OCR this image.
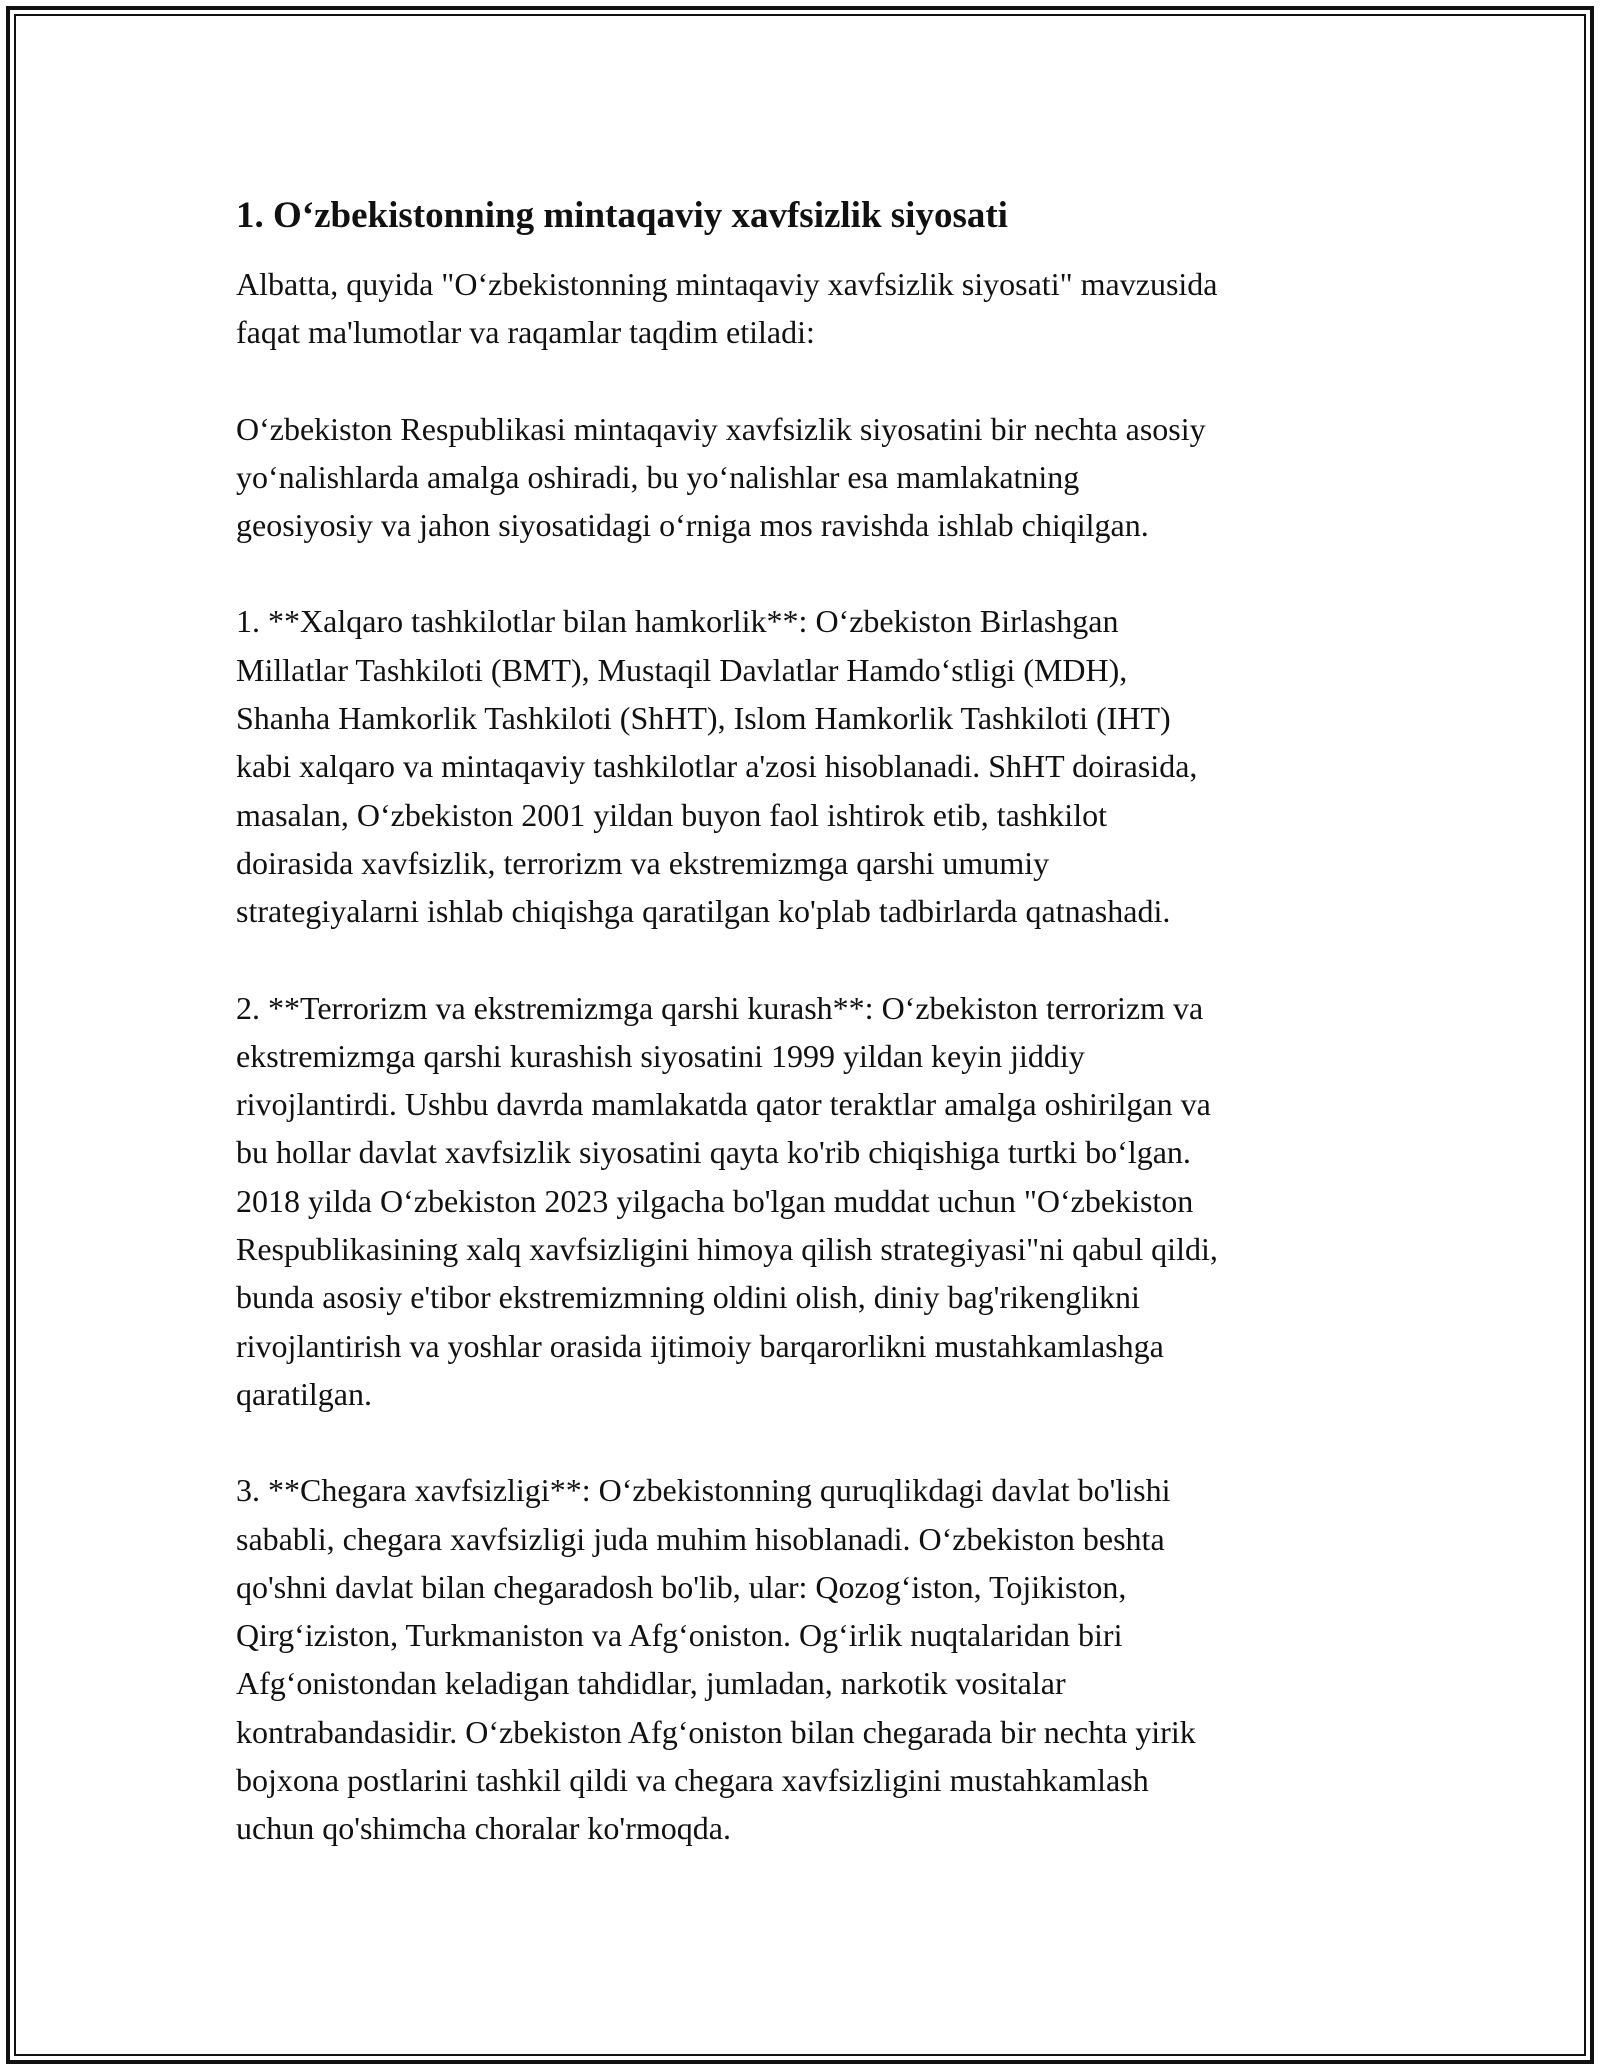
1. O‘zbekistonning mintaqaviy xavfsizlik siyosati

Albatta, quyida "O‘zbekistonning mintaqaviy xavfsizlik siyosati" mavzusida
faqat ma'lumotlar va raqamlar taqdim etiladi:

O‘zbekiston Respublikasi mintaqaviy xavfsizlik siyosatini bir nechta asosiy
yo‘nalishlarda amalga oshiradi, bu yo‘nalishlar esa mamlakatning
geosiyosiy va jahon siyosatidagi o‘rniga mos ravishda ishlab chiqilgan.

1. **Xalqaro tashkilotlar bilan hamkorlik**: O‘zbekiston Birlashgan
Millatlar Tashkiloti (BMT), Mustaqil Davlatlar Hamdo‘stligi (MDH),
Shanha Hamkorlik Tashkiloti (ShHT), Islom Hamkorlik Tashkiloti (IHT)
kabi xalqaro va mintaqaviy tashkilotlar a'zosi hisoblanadi. ShHT doirasida,
masalan, O‘zbekiston 2001 yildan buyon faol ishtirok etib, tashkilot
doirasida xavfsizlik, terrorizm va ekstremizmga qarshi umumiy
strategiyalarni ishlab chiqishga qaratilgan ko'plab tadbirlarda qatnashadi.

2. **Terrorizm va ekstremizmga qarshi kurash**: O‘zbekiston terrorizm va
ekstremizmga qarshi kurashish siyosatini 1999 yildan keyin jiddiy
rivojlantirdi. Ushbu davrda mamlakatda qator teraktlar amalga oshirilgan va
bu hollar davlat xavfsizlik siyosatini qayta ko'rib chiqishiga turtki bo‘lgan.
2018 yilda O‘zbekiston 2023 yilgacha bo'lgan muddat uchun "O‘zbekiston
Respublikasining xalq xavfsizligini himoya qilish strategiyasi"ni qabul qildi,
bunda asosiy e'tibor ekstremizmning oldini olish, diniy bag'rikenglikni
rivojlantirish va yoshlar orasida ijtimoiy barqarorlikni mustahkamlashga
qaratilgan.

3. **Chegara xavfsizligi**: O‘zbekistonning quruqlikdagi davlat bo'lishi
sababli, chegara xavfsizligi juda muhim hisoblanadi. O‘zbekiston beshta
qo'shni davlat bilan chegaradosh bo'lib, ular: Qozog‘iston, Tojikiston,
Qirg‘iziston, Turkmaniston va Afg‘oniston. Og‘irlik nuqtalaridan biri
Afg‘onistondan keladigan tahdidlar, jumladan, narkotik vositalar
kontrabandasidir. O‘zbekiston Afg‘oniston bilan chegarada bir nechta yirik
bojxona postlarini tashkil qildi va chegara xavfsizligini mustahkamlash
uchun qo'shimcha choralar ko'rmoqda.
